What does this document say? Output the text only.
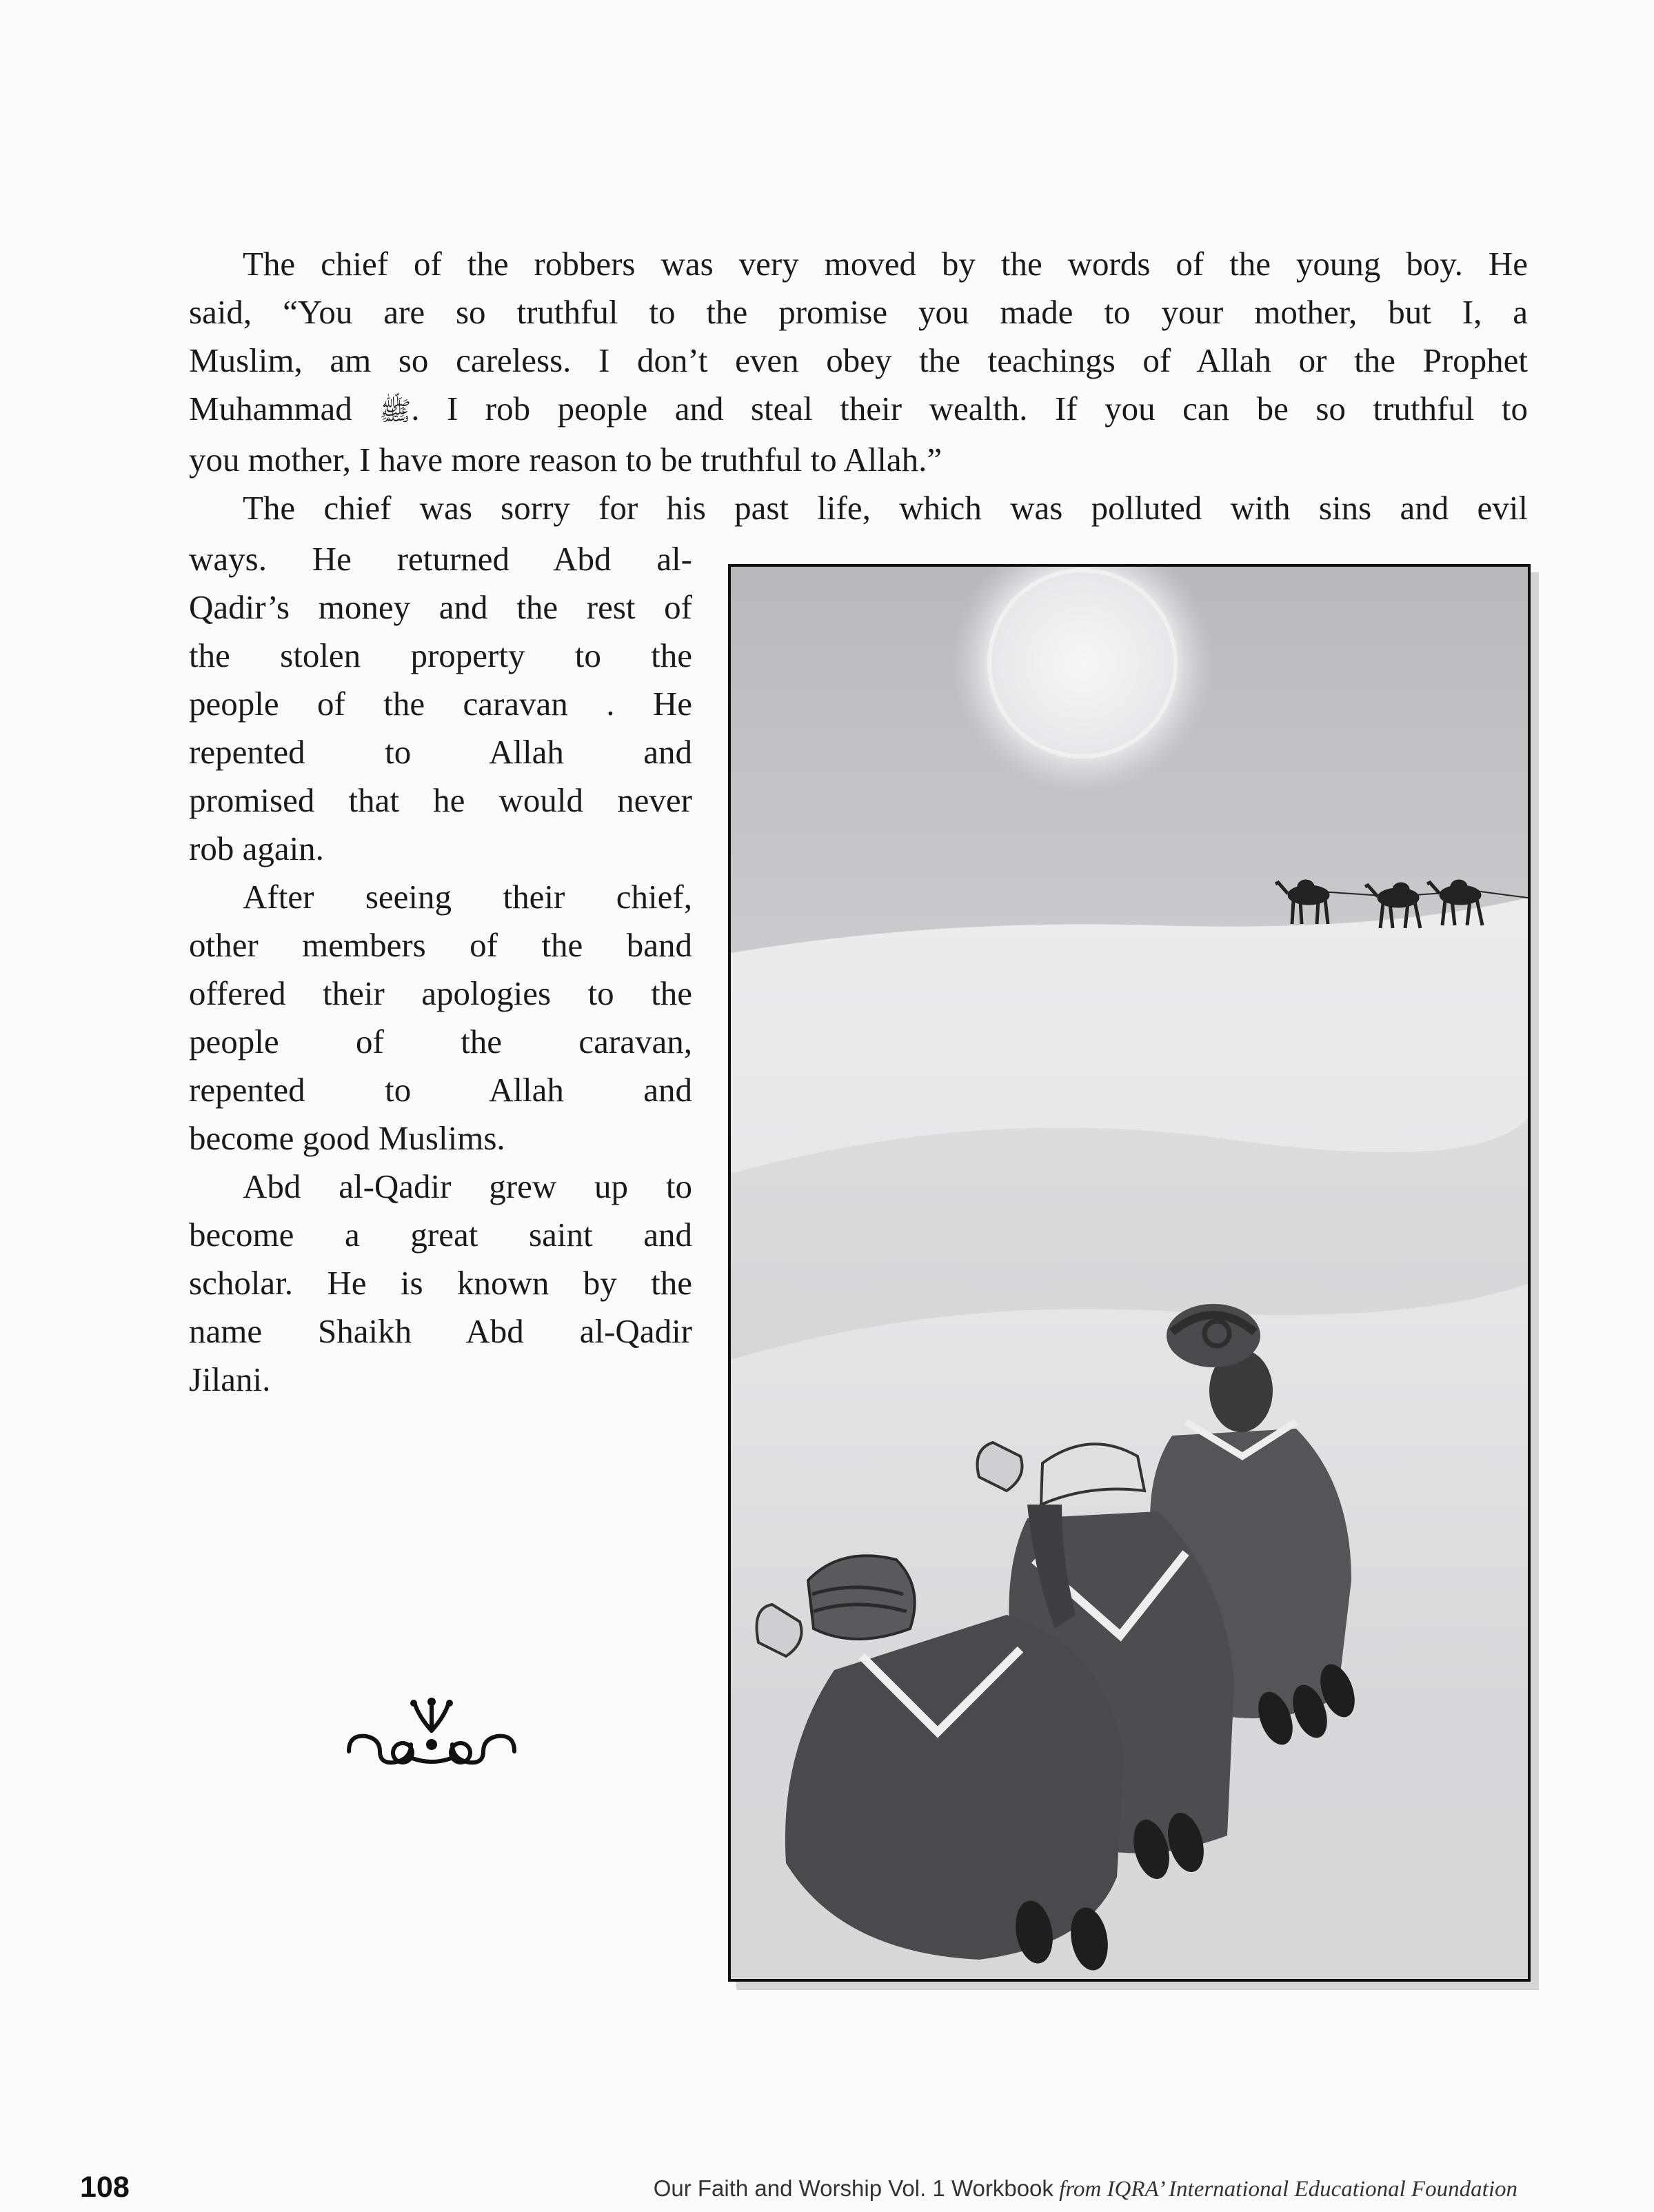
The chief of the robbers was very moved by the words of the young boy. He
said, “You are so truthful to the promise you made to your mother, but I, a
Muslim, am so careless. I don’t even obey the teachings of Allah or the Prophet
Muhammad ﷺ. I rob people and steal their wealth. If you can be so truthful to
you mother, I have more reason to be truthful to Allah.”

The chief was sorry for his past life, which was polluted with sins and evil

ways. He returned Abd al-
Qadir’s money and the rest of
the stolen property to the
people of the caravan . He
repented to Allah and
promised that he would never
rob again.

After seeing their chief,
other members of the band
offered their apologies to the
people of the caravan,
repented to Allah and
become good Muslims.

Abd al-Qadir grew up to
become a great saint and
scholar. He is known by the
name Shaikh Abd al-Qadir
Jilani.

108	Our Faith and Worship Vol. 1 Workbook from IQRA’ International Educational Foundation
